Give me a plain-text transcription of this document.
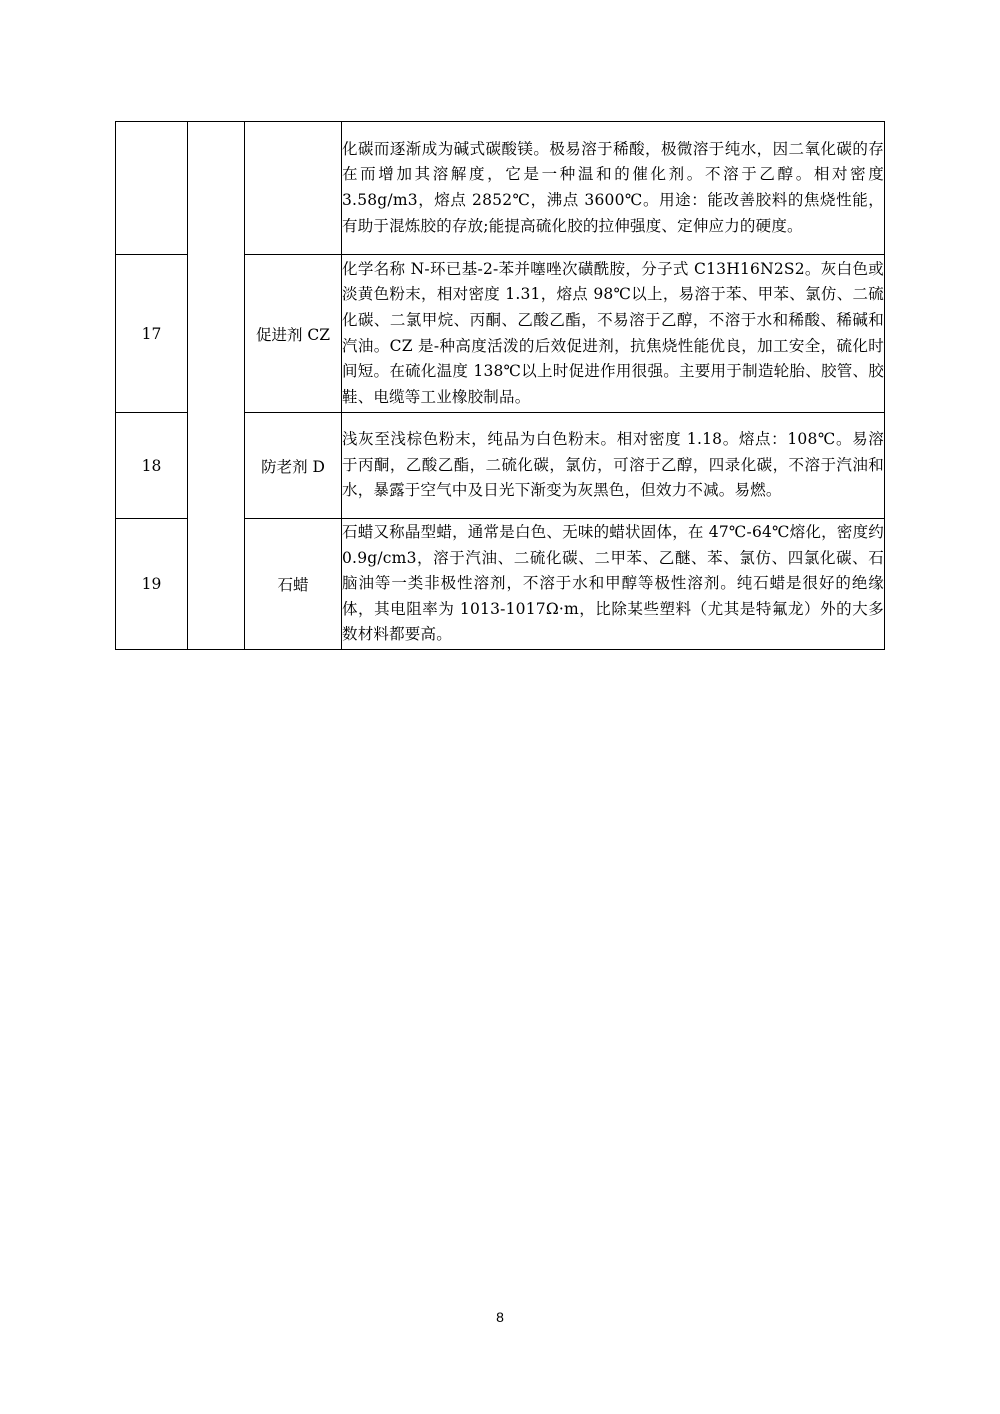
			化碳而逐渐成为碱式碳酸镁。极易溶于稀酸，极微溶于纯水，因二氧化碳的存在而增加其溶解度，它是一种温和的催化剂。不溶于乙醇。相对密度 3.58g/m3，熔点 2852℃，沸点 3600℃。用途：能改善胶料的焦烧性能，有助于混炼胶的存放;能提高硫化胶的拉伸强度、定伸应力的硬度。
17		促进剂 CZ	化学名称 N-环已基-2-苯并噻唑次磺酰胺，分子式 C13H16N2S2。灰白色或淡黄色粉末，相对密度 1.31，熔点 98℃以上，易溶于苯、甲苯、氯仿、二硫化碳、二氯甲烷、丙酮、乙酸乙酯，不易溶于乙醇，不溶于水和稀酸、稀碱和汽油。CZ 是-种高度活泼的后效促进剂，抗焦烧性能优良，加工安全，硫化时间短。在硫化温度 138℃以上时促进作用很强。主要用于制造轮胎、胶管、胶鞋、电缆等工业橡胶制品。
18		防老剂 D	浅灰至浅棕色粉末，纯品为白色粉末。相对密度 1.18。熔点：108℃。易溶于丙酮，乙酸乙酯，二硫化碳，氯仿，可溶于乙醇，四录化碳，不溶于汽油和水，暴露于空气中及日光下渐变为灰黑色，但效力不减。易燃。
19		石蜡	石蜡又称晶型蜡，通常是白色、无味的蜡状固体，在 47℃-64℃熔化，密度约 0.9g/cm3，溶于汽油、二硫化碳、二甲苯、乙醚、苯、氯仿、四氯化碳、石脑油等一类非极性溶剂，不溶于水和甲醇等极性溶剂。纯石蜡是很好的绝缘体，其电阻率为 1013-1017Ω·m，比除某些塑料（尤其是特氟龙）外的大多数材料都要高。
8
